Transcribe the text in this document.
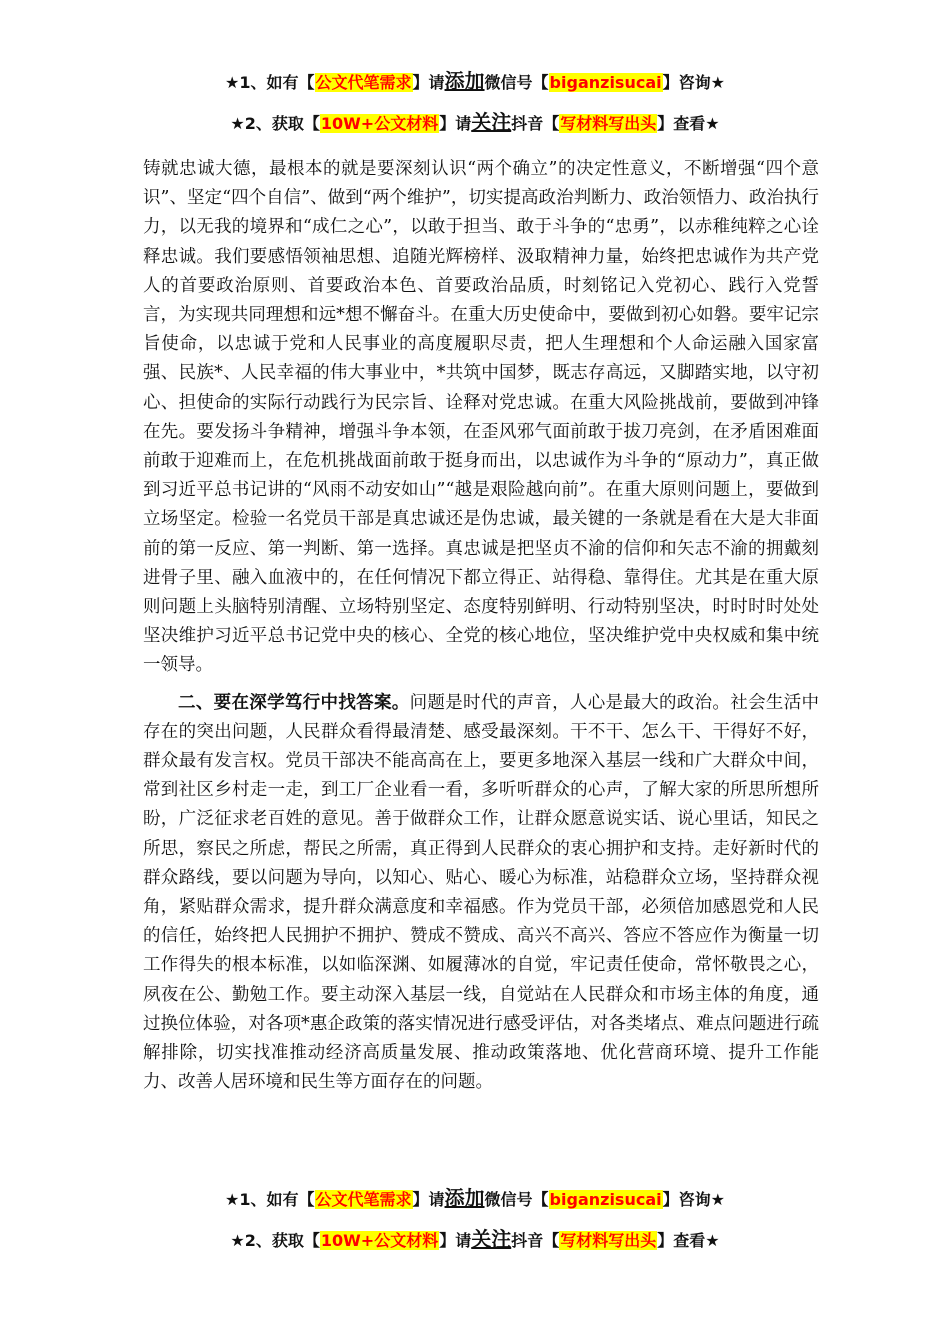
★1、如有【公文代笔需求】请添加微信号【biganzisucai】咨询★
★2、获取【10W+公文材料】请关注抖音【写材料写出头】查看★

铸就忠诚大德，最根本的就是要深刻认识“两个确立”的决定性意义，不断增强“四个意识”、坚定“四个自信”、做到“两个维护”，切实提高政治判断力、政治领悟力、政治执行力，以无我的境界和“成仁之心”，以敢于担当、敢于斗争的“忠勇”，以赤稚纯粹之心诠释忠诚。我们要感悟领袖思想、追随光辉榜样、汲取精神力量，始终把忠诚作为共产党人的首要政治原则、首要政治本色、首要政治品质，时刻铭记入党初心、践行入党誓言，为实现共同理想和远*想不懈奋斗。在重大历史使命中，要做到初心如磐。要牢记宗旨使命，以忠诚于党和人民事业的高度履职尽责，把人生理想和个人命运融入国家富强、民族*、人民幸福的伟大事业中，*共筑中国梦，既志存高远，又脚踏实地，以守初心、担使命的实际行动践行为民宗旨、诠释对党忠诚。在重大风险挑战前，要做到冲锋在先。要发扬斗争精神，增强斗争本领，在歪风邪气面前敢于拔刀亮剑，在矛盾困难面前敢于迎难而上，在危机挑战面前敢于挺身而出，以忠诚作为斗争的“原动力”，真正做到习近平总书记讲的“风雨不动安如山”“越是艰险越向前”。在重大原则问题上，要做到立场坚定。检验一名党员干部是真忠诚还是伪忠诚，最关键的一条就是看在大是大非面前的第一反应、第一判断、第一选择。真忠诚是把坚贞不渝的信仰和矢志不渝的拥戴刻进骨子里、融入血液中的，在任何情况下都立得正、站得稳、靠得住。尤其是在重大原则问题上头脑特别清醒、立场特别坚定、态度特别鲜明、行动特别坚决，时时时时处处坚决维护习近平总书记党中央的核心、全党的核心地位，坚决维护党中央权威和集中统一领导。

二、要在深学笃行中找答案。问题是时代的声音，人心是最大的政治。社会生活中存在的突出问题，人民群众看得最清楚、感受最深刻。干不干、怎么干、干得好不好，群众最有发言权。党员干部决不能高高在上，要更多地深入基层一线和广大群众中间，常到社区乡村走一走，到工厂企业看一看，多听听群众的心声，了解大家的所思所想所盼，广泛征求老百姓的意见。善于做群众工作，让群众愿意说实话、说心里话，知民之所思，察民之所虑，帮民之所需，真正得到人民群众的衷心拥护和支持。走好新时代的群众路线，要以问题为导向，以知心、贴心、暖心为标准，站稳群众立场，坚持群众视角，紧贴群众需求，提升群众满意度和幸福感。作为党员干部，必须倍加感恩党和人民的信任，始终把人民拥护不拥护、赞成不赞成、高兴不高兴、答应不答应作为衡量一切工作得失的根本标准，以如临深渊、如履薄冰的自觉，牢记责任使命，常怀敬畏之心，夙夜在公、勤勉工作。要主动深入基层一线，自觉站在人民群众和市场主体的角度，通过换位体验，对各项*惠企政策的落实情况进行感受评估，对各类堵点、难点问题进行疏解排除，切实找准推动经济高质量发展、推动政策落地、优化营商环境、提升工作能力、改善人居环境和民生等方面存在的问题。

★1、如有【公文代笔需求】请添加微信号【biganzisucai】咨询★
★2、获取【10W+公文材料】请关注抖音【写材料写出头】查看★
